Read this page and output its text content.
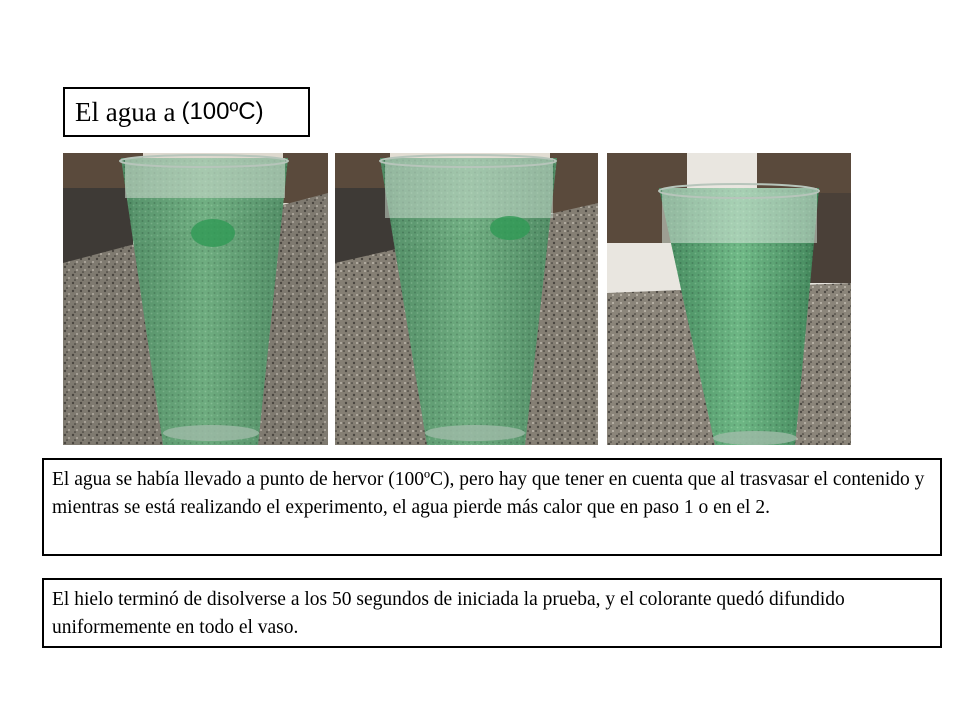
El agua a (100ºC)
El agua se había llevado a punto de hervor (100ºC), pero hay que tener en cuenta que al trasvasar el contenido y mientras se está realizando el experimento, el agua pierde más calor que en paso 1 o en el 2.
El hielo terminó de disolverse a los 50 segundos de iniciada la prueba, y el colorante quedó difundido uniformemente en todo el vaso.
